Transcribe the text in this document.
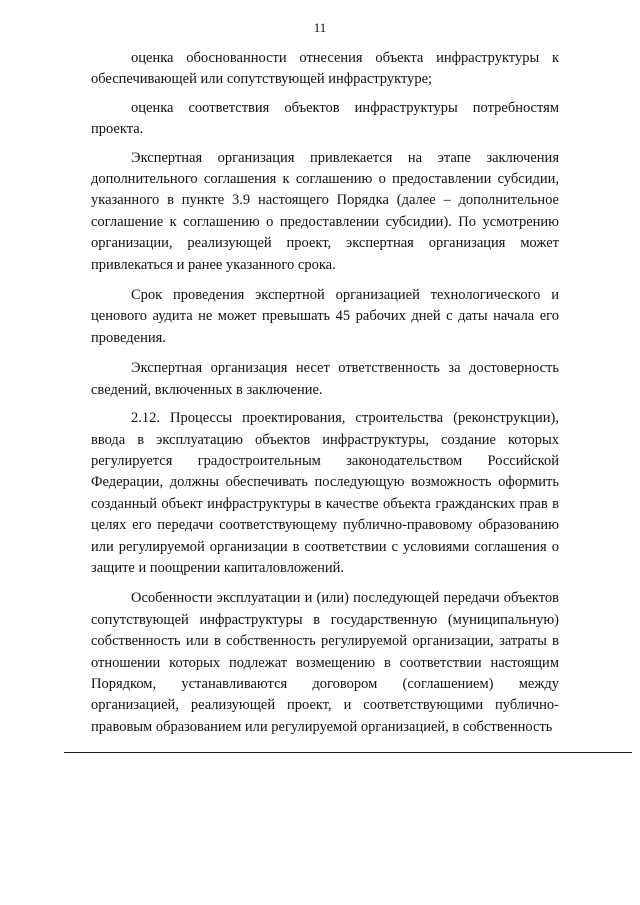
11

оценка обоснованности отнесения объекта инфраструктуры к обеспечивающей или сопутствующей инфраструктуре;

оценка соответствия объектов инфраструктуры потребностям проекта.

Экспертная организация привлекается на этапе заключения дополнительного соглашения к соглашению о предоставлении субсидии, указанного в пункте 3.9 настоящего Порядка (далее – дополнительное соглашение к соглашению о предоставлении субсидии). По усмотрению организации, реализующей проект, экспертная организация может привлекаться и ранее указанного срока.

Срок проведения экспертной организацией технологического и ценового аудита не может превышать 45 рабочих дней с даты начала его проведения.

Экспертная организация несет ответственность за достоверность сведений, включенных в заключение.

2.12. Процессы проектирования, строительства (реконструкции), ввода в эксплуатацию объектов инфраструктуры, создание которых регулируется градостроительным законодательством Российской Федерации, должны обеспечивать последующую возможность оформить созданный объект инфраструктуры в качестве объекта гражданских прав в целях его передачи соответствующему публично-правовому образованию или регулируемой организации в соответствии с условиями соглашения о защите и поощрении капиталовложений.

Особенности эксплуатации и (или) последующей передачи объектов сопутствующей инфраструктуры в государственную (муниципальную) собственность или в собственность регулируемой организации, затраты в отношении которых подлежат возмещению в соответствии настоящим Порядком, устанавливаются договором (соглашением) между организацией, реализующей проект, и соответствующими публично-правовым образованием или регулируемой организацией, в собственность
